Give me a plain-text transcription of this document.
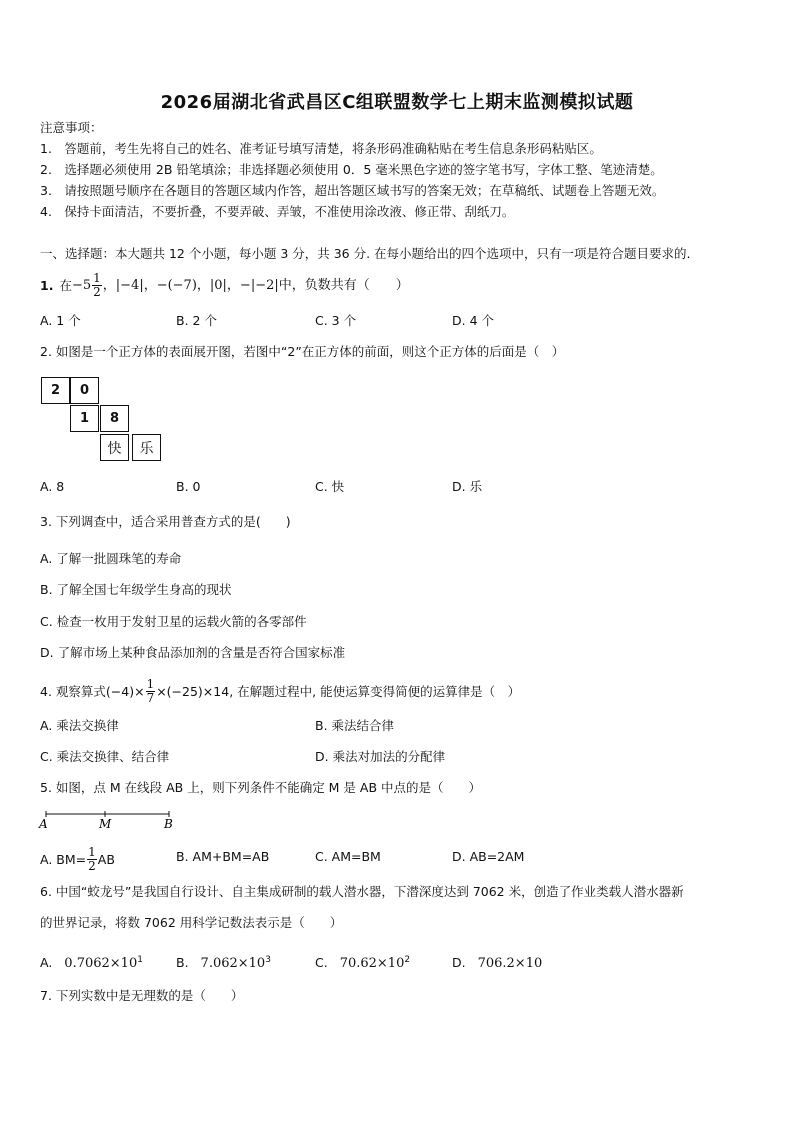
2026届湖北省武昌区C组联盟数学七上期末监测模拟试题
注意事项：
1.　答题前，考生先将自己的姓名、准考证号填写清楚，将条形码准确粘贴在考生信息条形码粘贴区。
2.　选择题必须使用 2B 铅笔填涂；非选择题必须使用 0．5 毫米黑色字迹的签字笔书写，字体工整、笔迹清楚。
3.　请按照题号顺序在各题目的答题区域内作答，超出答题区域书写的答案无效；在草稿纸、试题卷上答题无效。
4.　保持卡面清洁，不要折叠，不要弄破、弄皱，不准使用涂改液、修正带、刮纸刀。
一、选择题：本大题共 12 个小题，每小题 3 分，共 36 分. 在每小题给出的四个选项中，只有一项是符合题目要求的.
1. 在 $-5 \frac{1}{2}$ ，|−4|，−(−7)，|0|，−|−2|中，负数共有（　　）
A. 1 个	B. 2 个	C. 3 个	D. 4 个
2. 如图是一个正方体的表面展开图，若图中“2”在正方体的前面，则这个正方体的后面是（　）
2	0
1	8
快	乐
A. 8	B. 0	C. 快	D. 乐
3. 下列调查中，适合采用普查方式的是(　　)
A. 了解一批圆珠笔的寿命
B. 了解全国七年级学生身高的现状
C. 检查一枚用于发射卫星的运载火箭的各零部件
D. 了解市场上某种食品添加剂的含量是否符合国家标准
4. 观察算式$(-4)\times \frac{1}{7} \times(-25)\times 14$, 在解题过程中, 能使运算变得简便的运算律是（　）
A. 乘法交换律	B. 乘法结合律
C. 乘法交换律、结合律	D. 乘法对加法的分配律
5. 如图，点 M 在线段 AB 上，则下列条件不能确定 M 是 AB 中点的是（　　）
A	M	B
A. $BM= \frac{1}{2}$ AB	B. AM+BM=AB	C. AM=BM	D. AB=2AM
6. 中国“蛟龙号”是我国自行设计、自主集成研制的载人潜水器，下潜深度达到 7062 米，创造了作业类载人潜水器新
的世界记录，将数 7062 用科学记数法表示是（　　）
A. $0.7062\times 10^1$	B. $7.062\times 10^3$	C. $70.62\times 10^2$	D. 706.2×10
7. 下列实数中是无理数的是（　　）
